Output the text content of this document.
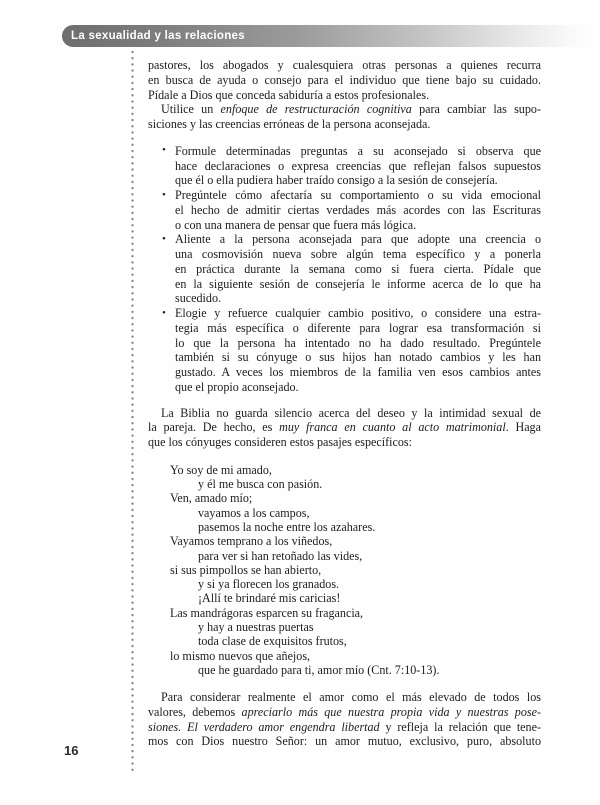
La sexualidad y las relaciones
pastores, los abogados y cualesquiera otras personas a quienes recurra
en busca de ayuda o consejo para el individuo que tiene bajo su cuidado.
Pídale a Dios que conceda sabiduría a estos profesionales.
Utilice un enfoque de restructuración cognitiva para cambiar las supo-
siciones y las creencias erróneas de la persona aconsejada.
• Formule determinadas preguntas a su aconsejado si observa que
hace declaraciones o expresa creencias que reflejan falsos supuestos
que él o ella pudiera haber traído consigo a la sesión de consejería.
• Pregúntele cómo afectaría su comportamiento o su vida emocional
el hecho de admitir ciertas verdades más acordes con las Escrituras
o con una manera de pensar que fuera más lógica.
• Aliente a la persona aconsejada para que adopte una creencia o
una cosmovisión nueva sobre algún tema específico y a ponerla
en práctica durante la semana como si fuera cierta. Pídale que
en la siguiente sesión de consejería le informe acerca de lo que ha
sucedido.
• Elogie y refuerce cualquier cambio positivo, o considere una estra-
tegia más específica o diferente para lograr esa transformación si
lo que la persona ha intentado no ha dado resultado. Pregúntele
también si su cónyuge o sus hijos han notado cambios y les han
gustado. A veces los miembros de la familia ven esos cambios antes
que el propio aconsejado.
La Biblia no guarda silencio acerca del deseo y la intimidad sexual de
la pareja. De hecho, es muy franca en cuanto al acto matrimonial. Haga
que los cónyuges consideren estos pasajes específicos:
Yo soy de mi amado,
y él me busca con pasión.
Ven, amado mío;
vayamos a los campos,
pasemos la noche entre los azahares.
Vayamos temprano a los viñedos,
para ver si han retoñado las vides,
si sus pimpollos se han abierto,
y si ya florecen los granados.
¡Allí te brindaré mis caricias!
Las mandrágoras esparcen su fragancia,
y hay a nuestras puertas
toda clase de exquisitos frutos,
lo mismo nuevos que añejos,
que he guardado para ti, amor mío (Cnt. 7:10-13).
Para considerar realmente el amor como el más elevado de todos los
valores, debemos apreciarlo más que nuestra propia vida y nuestras pose-
siones. El verdadero amor engendra libertad y refleja la relación que tene-
mos con Dios nuestro Señor: un amor mutuo, exclusivo, puro, absoluto
16
